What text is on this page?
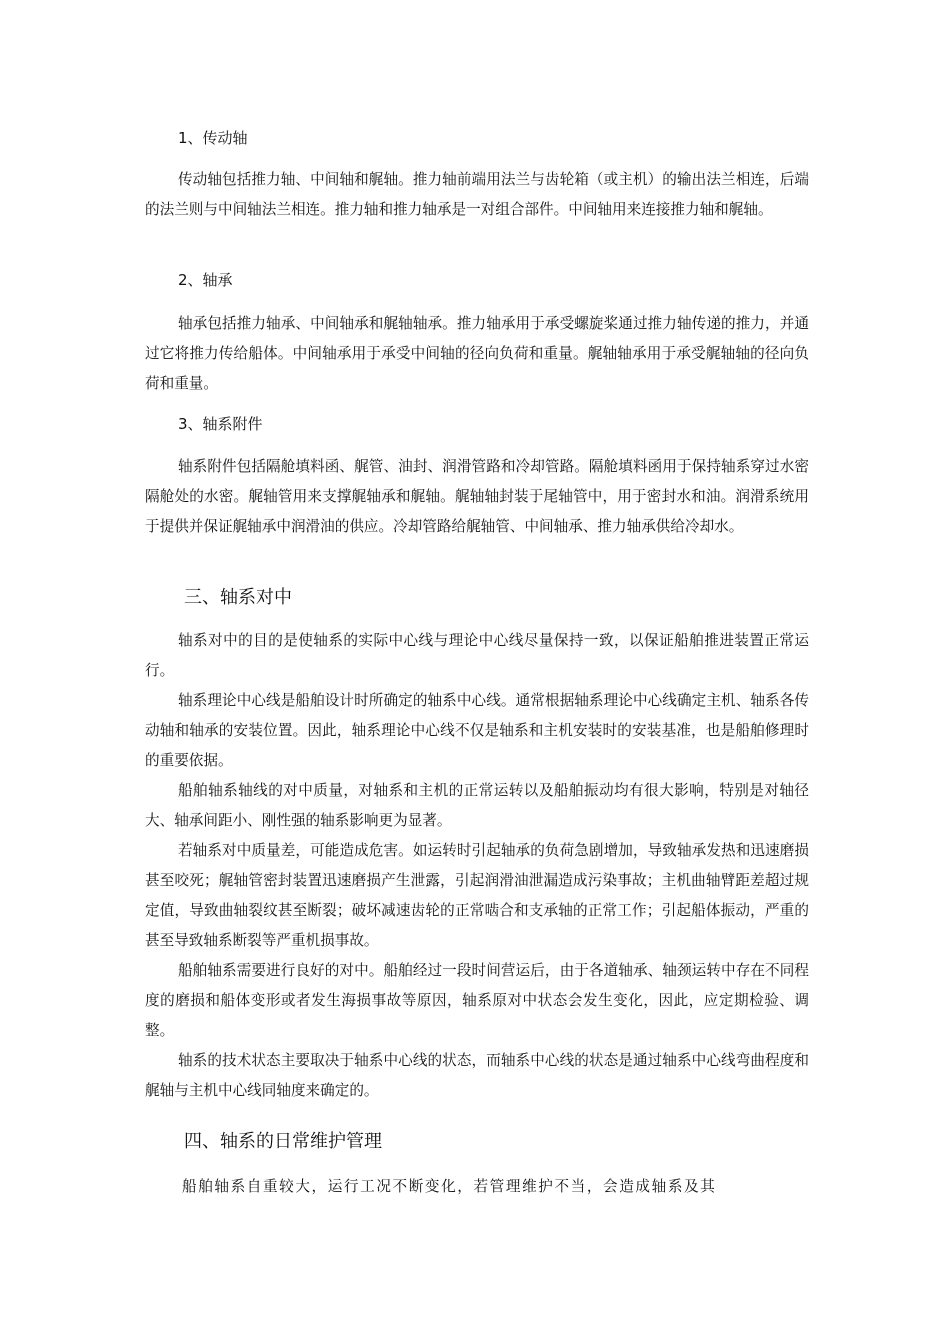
1、传动轴
传动轴包括推力轴、中间轴和艉轴。推力轴前端用法兰与齿轮箱（或主机）的输出法兰相连，后端的法兰则与中间轴法兰相连。推力轴和推力轴承是一对组合部件。中间轴用来连接推力轴和艉轴。
2、轴承
轴承包括推力轴承、中间轴承和艉轴轴承。推力轴承用于承受螺旋桨通过推力轴传递的推力，并通过它将推力传给船体。中间轴承用于承受中间轴的径向负荷和重量。艉轴轴承用于承受艉轴轴的径向负荷和重量。
3、轴系附件
轴系附件包括隔舱填料函、艉管、油封、润滑管路和冷却管路。隔舱填料函用于保持轴系穿过水密隔舱处的水密。艉轴管用来支撑艉轴承和艉轴。艉轴轴封装于尾轴管中，用于密封水和油。润滑系统用于提供并保证艉轴承中润滑油的供应。冷却管路给艉轴管、中间轴承、推力轴承供给冷却水。
三、轴系对中
轴系对中的目的是使轴系的实际中心线与理论中心线尽量保持一致，以保证船舶推进装置正常运行。
轴系理论中心线是船舶设计时所确定的轴系中心线。通常根据轴系理论中心线确定主机、轴系各传动轴和轴承的安装位置。因此，轴系理论中心线不仅是轴系和主机安装时的安装基准，也是船舶修理时的重要依据。
船舶轴系轴线的对中质量，对轴系和主机的正常运转以及船舶振动均有很大影响，特别是对轴径大、轴承间距小、刚性强的轴系影响更为显著。
若轴系对中质量差，可能造成危害。如运转时引起轴承的负荷急剧增加，导致轴承发热和迅速磨损甚至咬死；艉轴管密封装置迅速磨损产生泄露，引起润滑油泄漏造成污染事故；主机曲轴臂距差超过规定值，导致曲轴裂纹甚至断裂；破坏减速齿轮的正常啮合和支承轴的正常工作；引起船体振动，严重的甚至导致轴系断裂等严重机损事故。
船舶轴系需要进行良好的对中。船舶经过一段时间营运后，由于各道轴承、轴颈运转中存在不同程度的磨损和船体变形或者发生海损事故等原因，轴系原对中状态会发生变化，因此，应定期检验、调整。
轴系的技术状态主要取决于轴系中心线的状态，而轴系中心线的状态是通过轴系中心线弯曲程度和艉轴与主机中心线同轴度来确定的。
四、轴系的日常维护管理
船舶轴系自重较大，运行工况不断变化，若管理维护不当，会造成轴系及其
